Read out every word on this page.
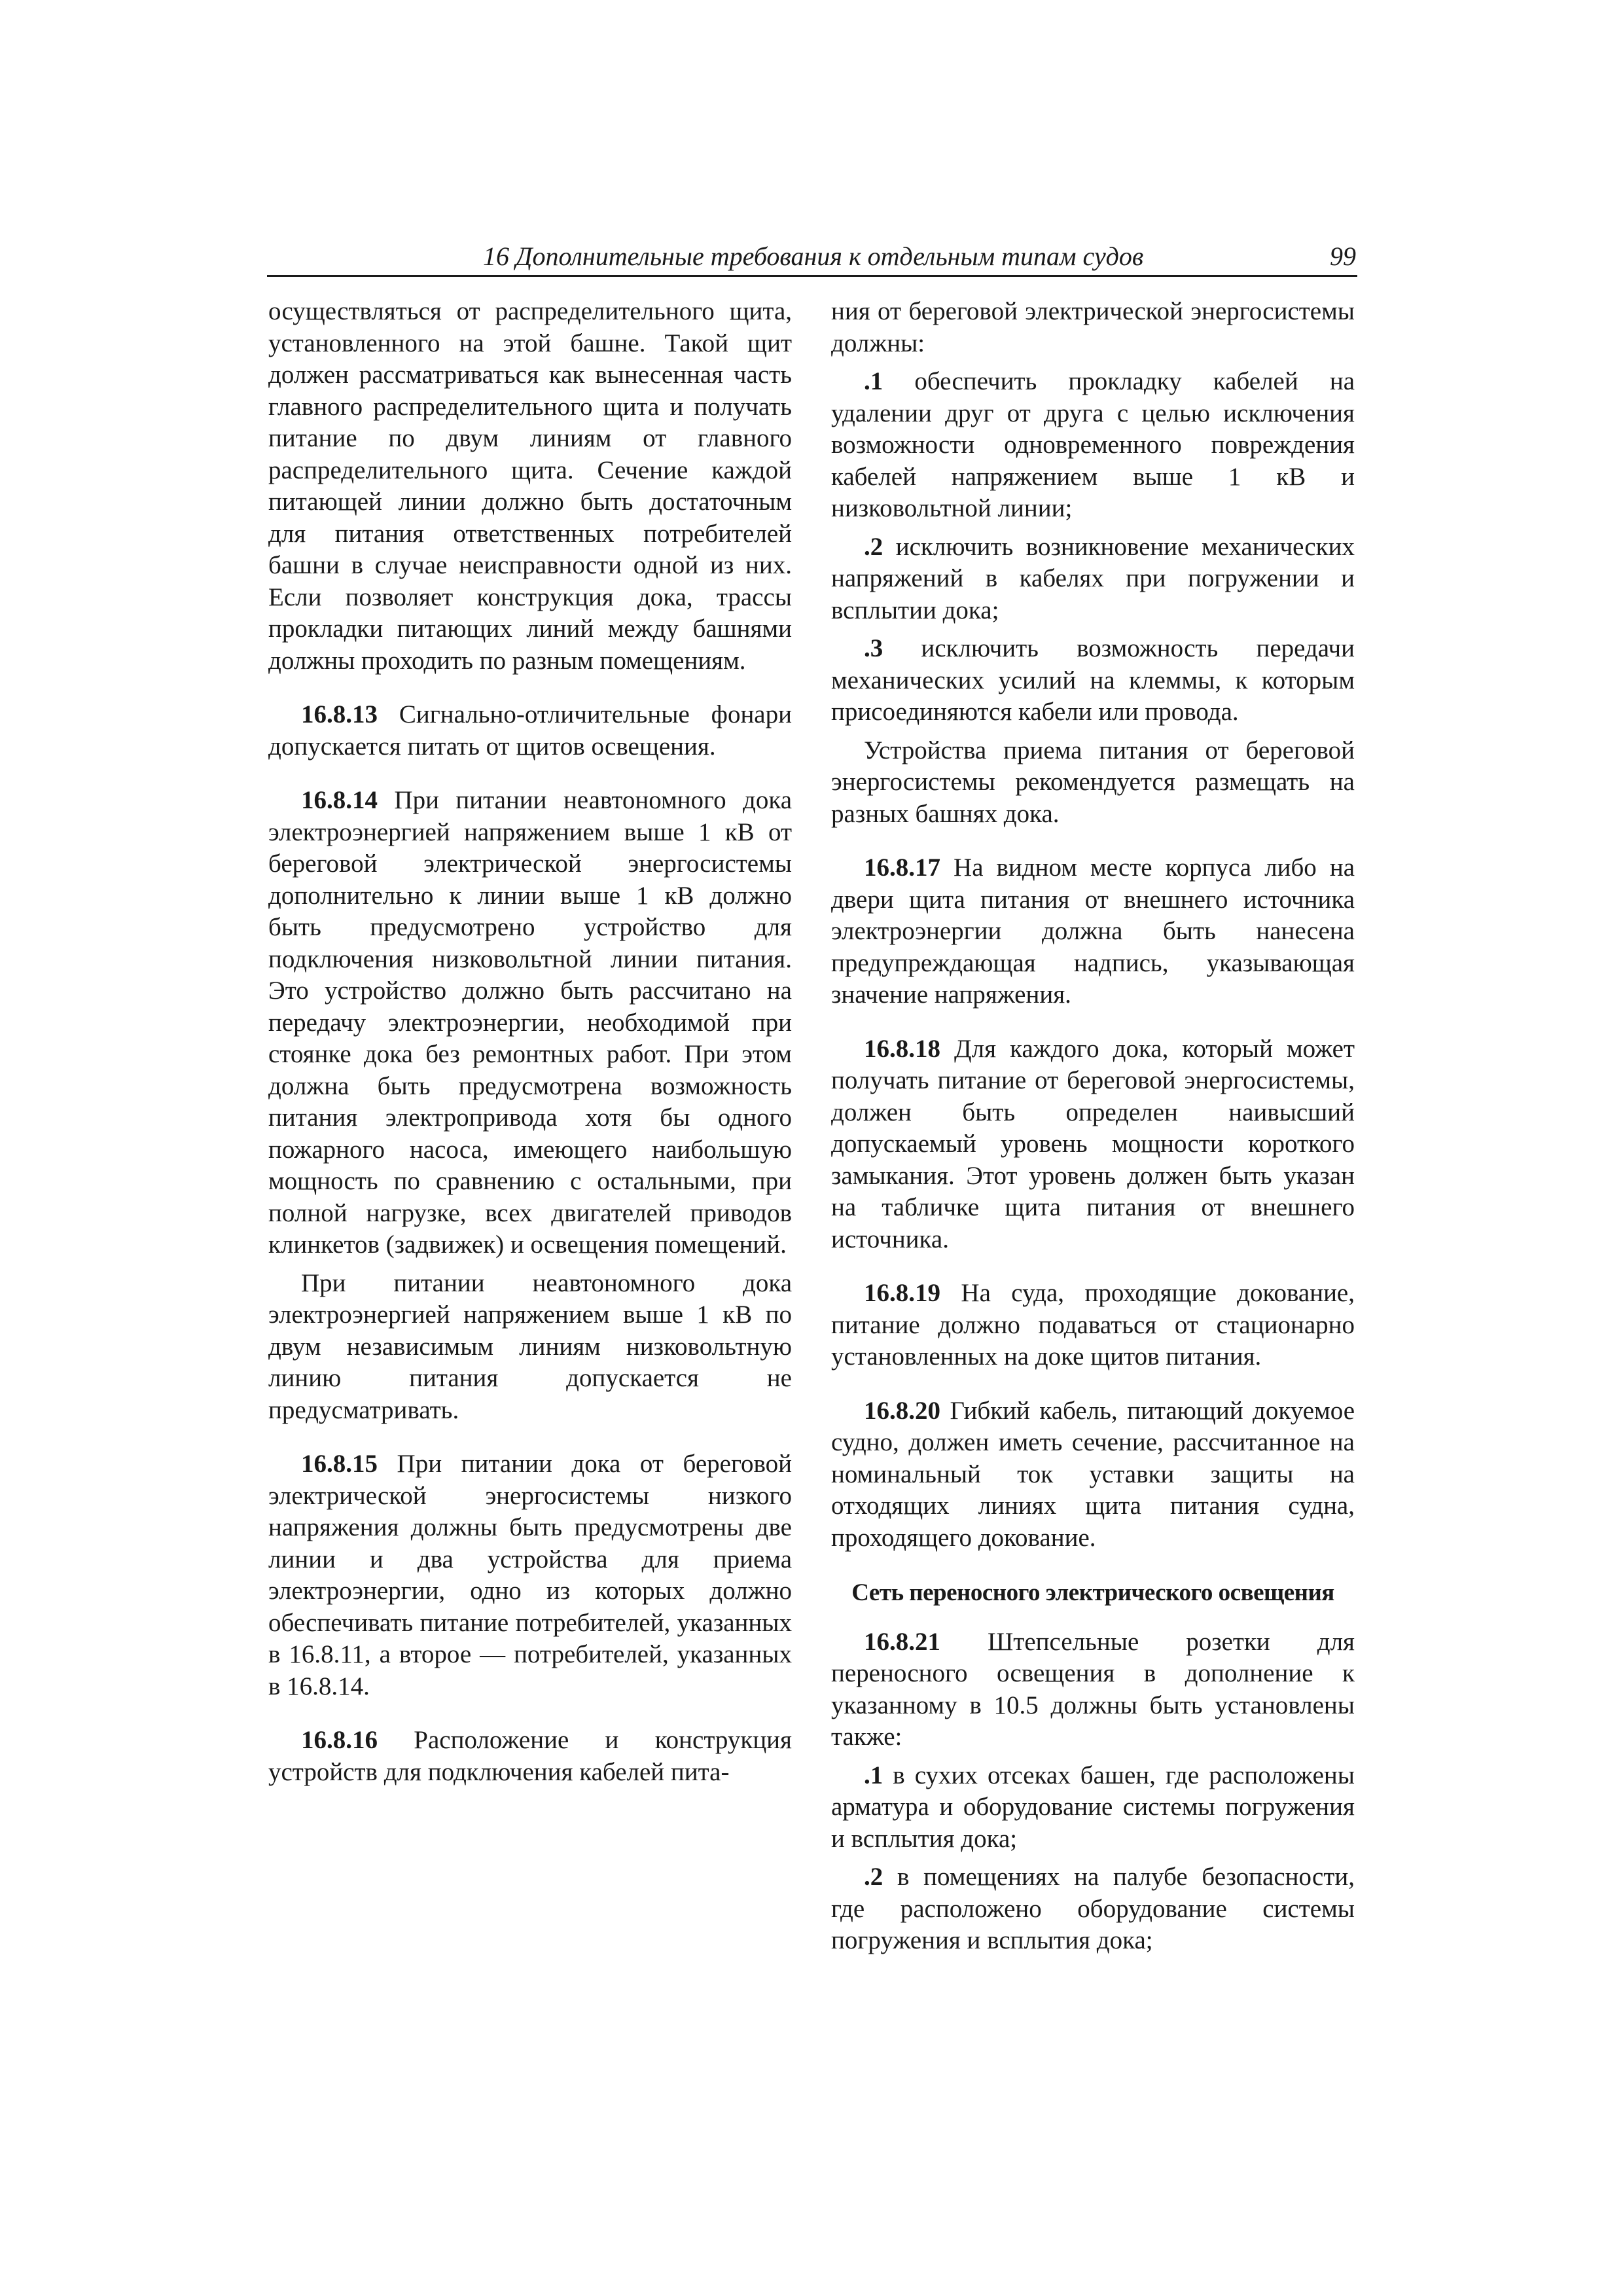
16 Дополнительные требования к отдельным типам судов	99

осуществляться от распределительного щита, установленного на этой башне. Такой щит должен рассматриваться как вынесенная часть главного распределительного щита и получать питание по двум линиям от главного распределительного щита. Сечение каждой питающей линии должно быть достаточным для питания ответственных потребителей башни в случае неисправности одной из них. Если позволяет конструкция дока, трассы прокладки питающих линий между башнями должны проходить по разным помещениям.

16.8.13 Сигнально-отличительные фонари допускается питать от щитов освещения.

16.8.14 При питании неавтономного дока электроэнергией напряжением выше 1 кВ от береговой электрической энергосистемы дополнительно к линии выше 1 кВ должно быть предусмотрено устройство для подключения низковольтной линии питания. Это устройство должно быть рассчитано на передачу электроэнергии, необходимой при стоянке дока без ремонтных работ. При этом должна быть предусмотрена возможность питания электропривода хотя бы одного пожарного насоса, имеющего наибольшую мощность по сравнению с остальными, при полной нагрузке, всех двигателей приводов клинкетов (задвижек) и освещения помещений.

При питании неавтономного дока электроэнергией напряжением выше 1 кВ по двум независимым линиям низковольтную линию питания допускается не предусматривать.

16.8.15 При питании дока от береговой электрической энергосистемы низкого напряжения должны быть предусмотрены две линии и два устройства для приема электроэнергии, одно из которых должно обеспечивать питание потребителей, указанных в 16.8.11, а второе — потребителей, указанных в 16.8.14.

16.8.16 Расположение и конструкция устройств для подключения кабелей пита-

ния от береговой электрической энергосистемы должны:

.1 обеспечить прокладку кабелей на удалении друг от друга с целью исключения возможности одновременного повреждения кабелей напряжением выше 1 кВ и низковольтной линии;

.2 исключить возникновение механических напряжений в кабелях при погружении и всплытии дока;

.3 исключить возможность передачи механических усилий на клеммы, к которым присоединяются кабели или провода.

Устройства приема питания от береговой энергосистемы рекомендуется размещать на разных башнях дока.

16.8.17 На видном месте корпуса либо на двери щита питания от внешнего источника электроэнергии должна быть нанесена предупреждающая надпись, указывающая значение напряжения.

16.8.18 Для каждого дока, который может получать питание от береговой энергосистемы, должен быть определен наивысший допускаемый уровень мощности короткого замыкания. Этот уровень должен быть указан на табличке щита питания от внешнего источника.

16.8.19 На суда, проходящие докование, питание должно подаваться от стационарно установленных на доке щитов питания.

16.8.20 Гибкий кабель, питающий докуемое судно, должен иметь сечение, рассчитанное на номинальный ток уставки защиты на отходящих линиях щита питания судна, проходящего докование.

Сеть переносного электрического освещения

16.8.21 Штепсельные розетки для переносного освещения в дополнение к указанному в 10.5 должны быть установлены также:

.1 в сухих отсеках башен, где расположены арматура и оборудование системы погружения и всплытия дока;

.2 в помещениях на палубе безопасности, где расположено оборудование системы погружения и всплытия дока;
